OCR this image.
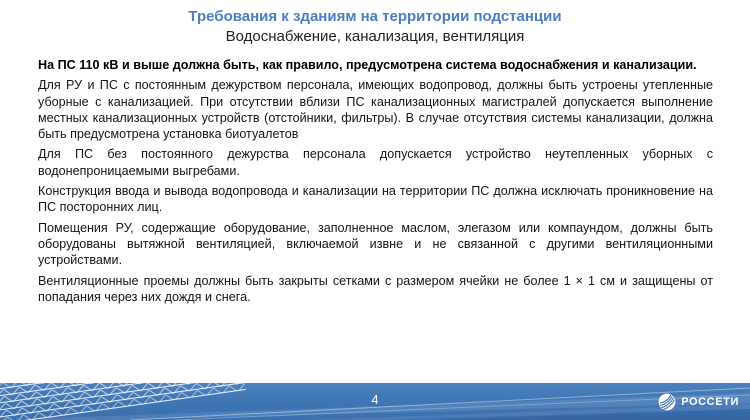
Требования к зданиям на территории подстанции
Водоснабжение, канализация, вентиляция

На ПС 110 кВ и выше должна быть, как правило, предусмотрена система водоснабжения и канализации.

Для РУ и ПС с постоянным дежурством персонала, имеющих водопровод, должны быть устроены утепленные уборные с канализацией. При отсутствии вблизи ПС канализационных магистралей допускается выполнение местных канализационных устройств (отстойники, фильтры). В случае отсутствия системы канализации, должна быть предусмотрена установка биотуалетов

Для ПС без постоянного дежурства персонала допускается устройство неутепленных уборных с водонепроницаемыми выгребами.

Конструкция ввода и вывода водопровода и канализации на территории ПС должна исключать проникновение на ПС посторонних лиц.

Помещения РУ, содержащие оборудование, заполненное маслом, элегазом или компаундом, должны быть оборудованы вытяжной вентиляцией, включаемой извне и не связанной с другими вентиляционными устройствами.

Вентиляционные проемы должны быть закрыты сетками с размером ячейки не более 1 × 1 см и защищены от попадания через них дождя и снега.

4	РОССЕТИ
